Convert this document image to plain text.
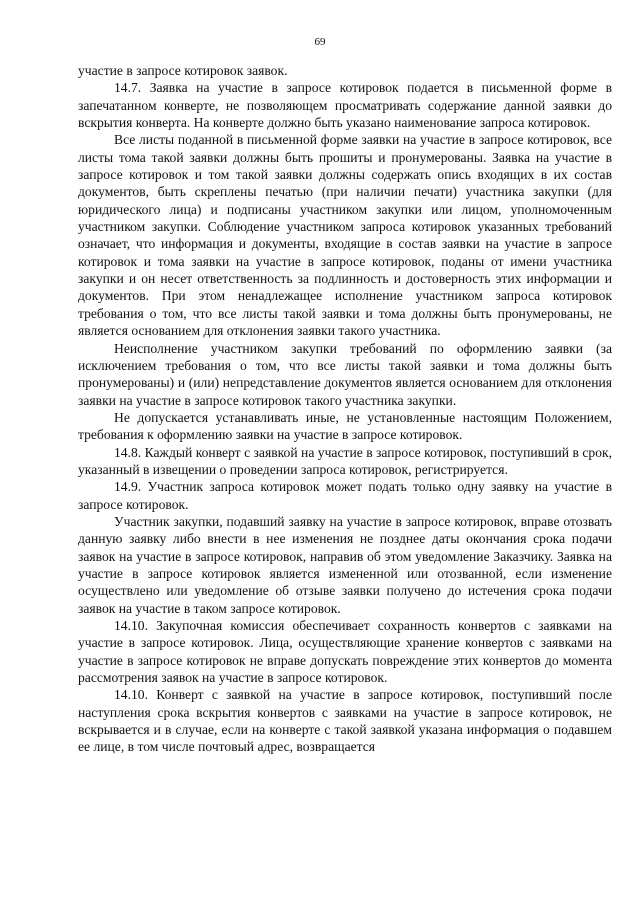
69

участие в запросе котировок заявок.

14.7. Заявка на участие в запросе котировок подается в письменной форме в запечатанном конверте, не позволяющем просматривать содержание данной заявки до вскрытия конверта. На конверте должно быть указано наименование запроса котировок.

Все листы поданной в письменной форме заявки на участие в запросе котировок, все листы тома такой заявки должны быть прошиты и пронумерованы. Заявка на участие в запросе котировок и том такой заявки должны содержать опись входящих в их состав документов, быть скреплены печатью (при наличии печати) участника закупки (для юридического лица) и подписаны участником закупки или лицом, уполномоченным участником закупки. Соблюдение участником запроса котировок указанных требований означает, что информация и документы, входящие в состав заявки на участие в запросе котировок и тома заявки на участие в запросе котировок, поданы от имени участника закупки и он несет ответственность за подлинность и достоверность этих информации и документов. При этом ненадлежащее исполнение участником запроса котировок требования о том, что все листы такой заявки и тома должны быть пронумерованы, не является основанием для отклонения заявки такого участника.

Неисполнение участником закупки требований по оформлению заявки (за исключением требования о том, что все листы такой заявки и тома должны быть пронумерованы) и (или) непредставление документов является основанием для отклонения заявки на участие в запросе котировок такого участника закупки.

Не допускается устанавливать иные, не установленные настоящим Положением, требования к оформлению заявки на участие в запросе котировок.

14.8. Каждый конверт с заявкой на участие в запросе котировок, поступивший в срок, указанный в извещении о проведении запроса котировок, регистрируется.

14.9. Участник запроса котировок может подать только одну заявку на участие в запросе котировок.

Участник закупки, подавший заявку на участие в запросе котировок, вправе отозвать данную заявку либо внести в нее изменения не позднее даты окончания срока подачи заявок на участие в запросе котировок, направив об этом уведомление Заказчику. Заявка на участие в запросе котировок является измененной или отозванной, если изменение осуществлено или уведомление об отзыве заявки получено до истечения срока подачи заявок на участие в таком запросе котировок.

14.10. Закупочная комиссия обеспечивает сохранность конвертов с заявками на участие в запросе котировок. Лица, осуществляющие хранение конвертов с заявками на участие в запросе котировок не вправе допускать повреждение этих конвертов до момента рассмотрения заявок на участие в запросе котировок.

14.10. Конверт с заявкой на участие в запросе котировок, поступивший после наступления срока вскрытия конвертов с заявками на участие в запросе котировок, не вскрывается и в случае, если на конверте с такой заявкой указана информация о подавшем ее лице, в том числе почтовый адрес, возвращается
